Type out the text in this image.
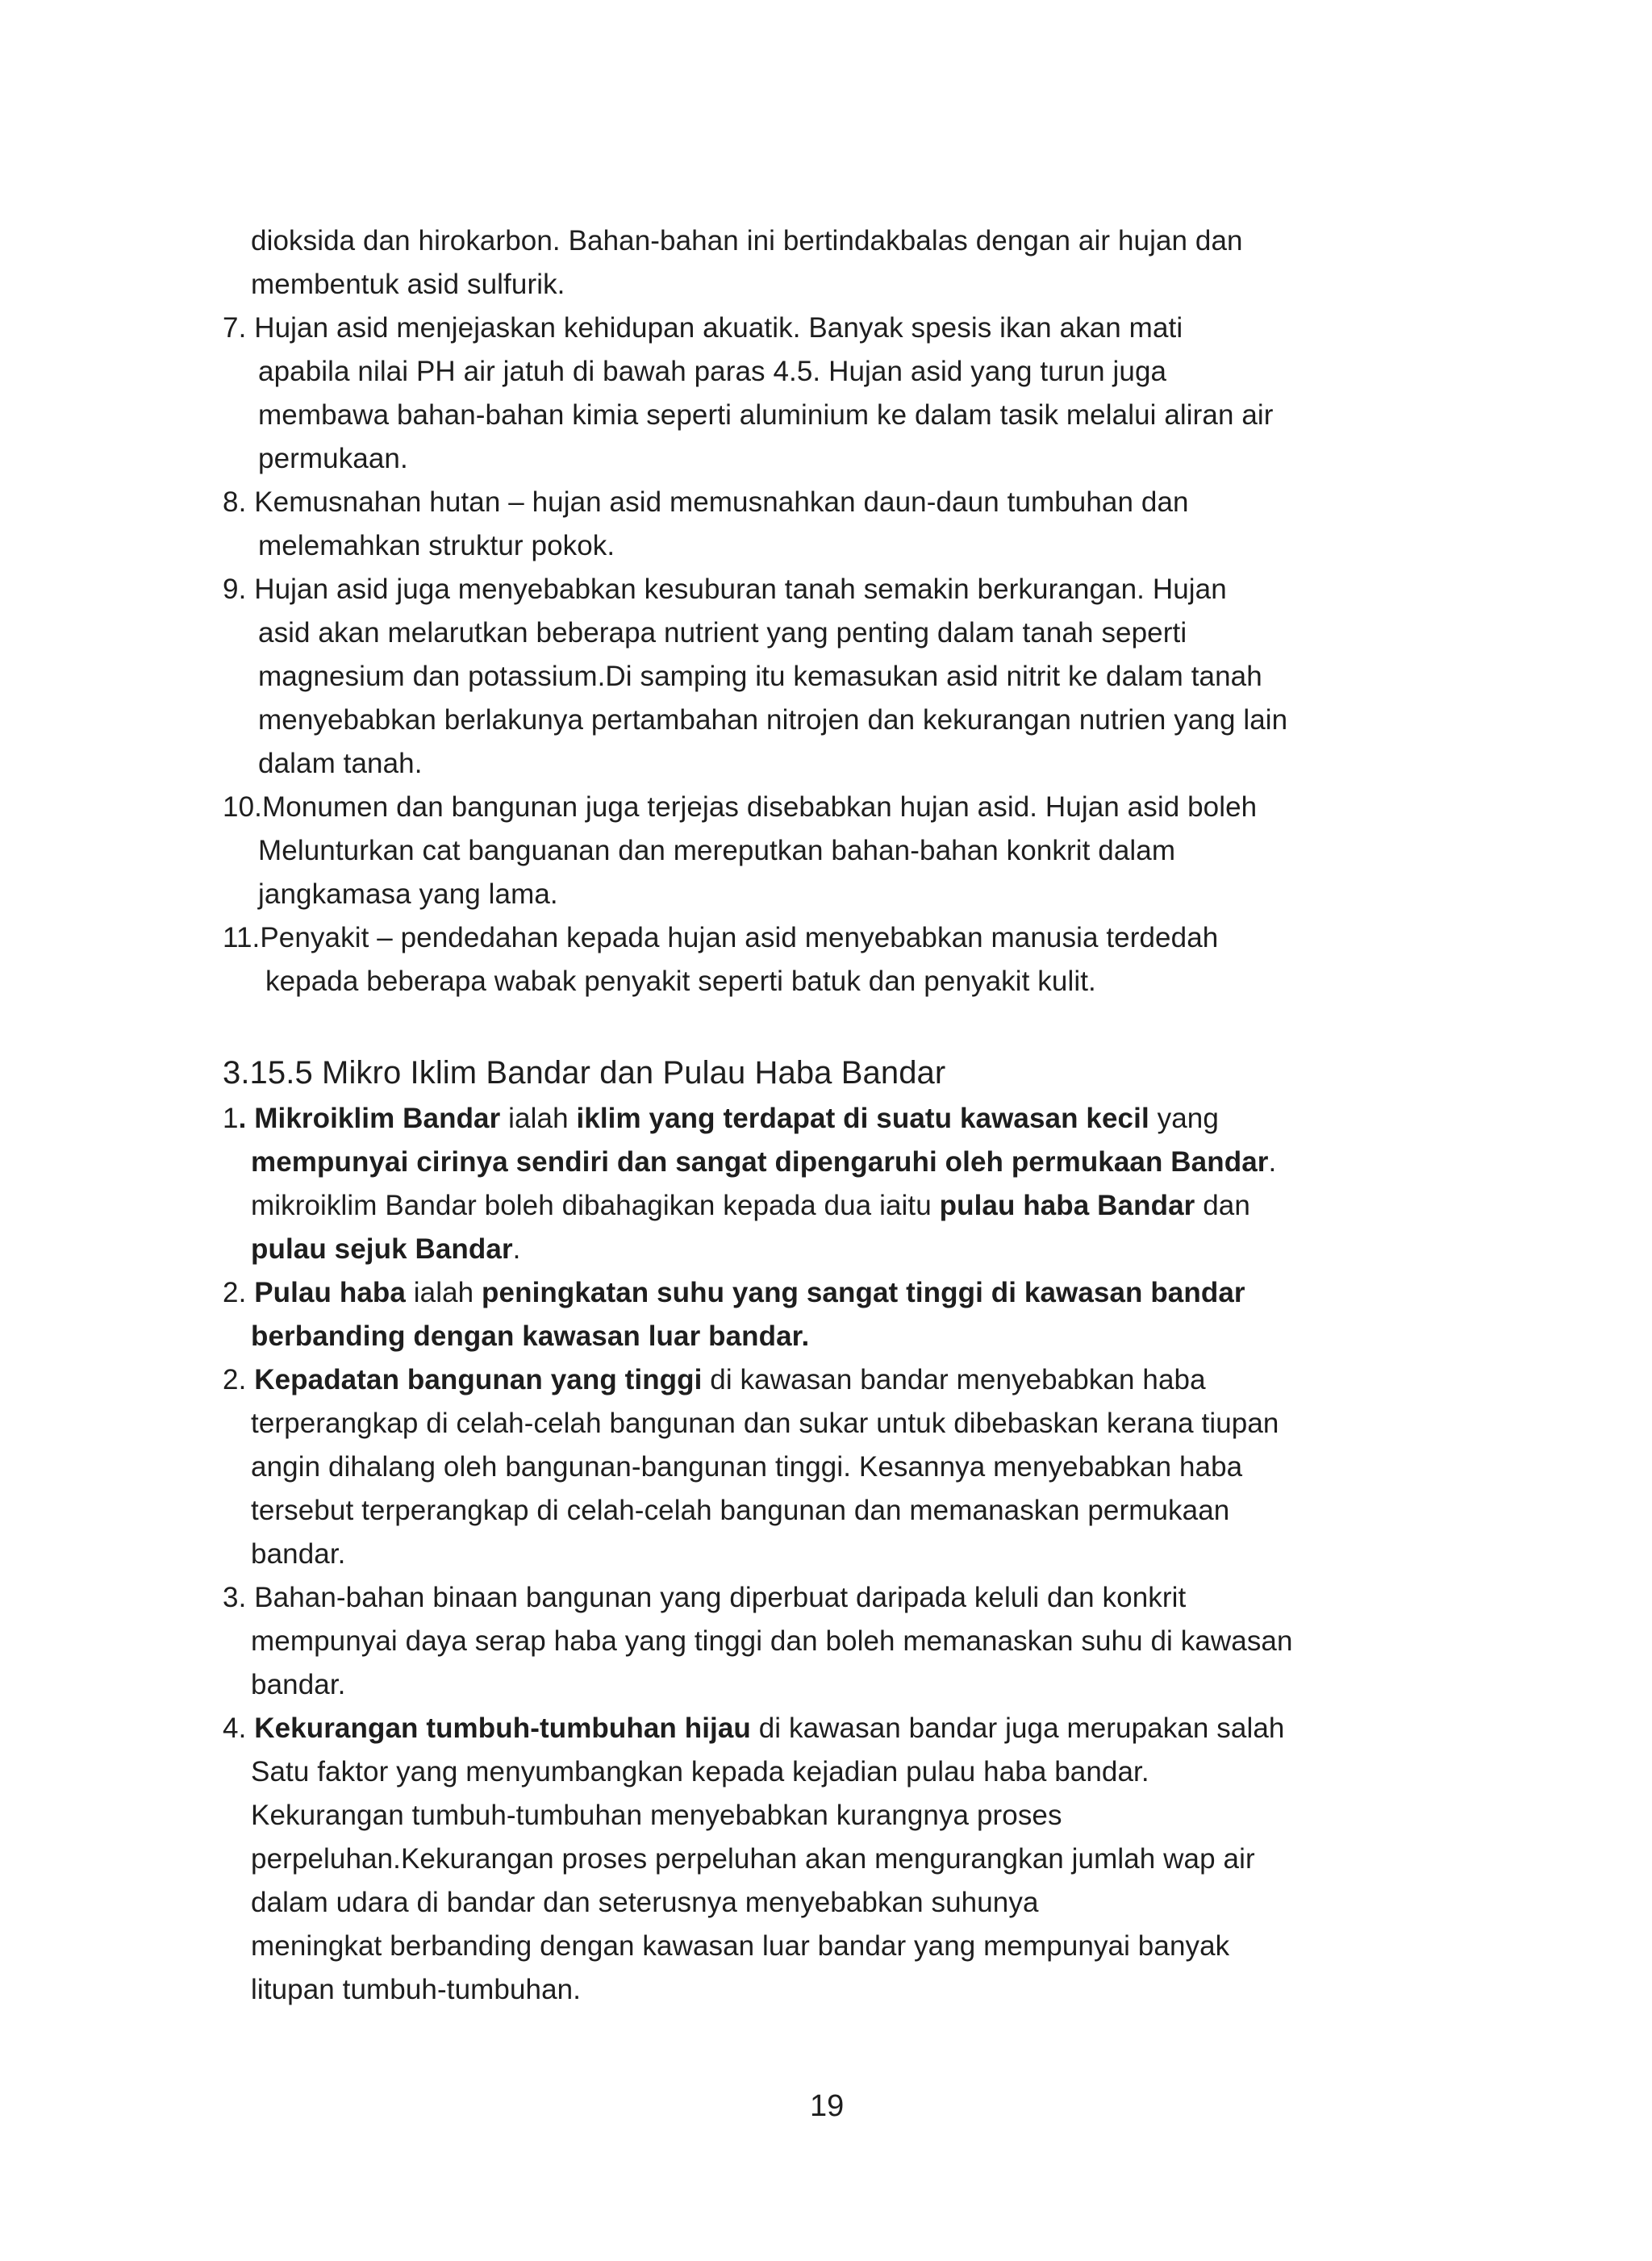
dioksida dan hirokarbon. Bahan-bahan ini bertindakbalas dengan air hujan dan
membentuk asid sulfurik.
7. Hujan asid menjejaskan kehidupan akuatik. Banyak spesis ikan akan mati
apabila nilai PH air jatuh di bawah paras 4.5. Hujan asid yang turun juga
membawa bahan-bahan kimia seperti aluminium ke dalam tasik melalui aliran air
permukaan.
8. Kemusnahan hutan – hujan asid memusnahkan daun-daun tumbuhan dan
melemahkan struktur pokok.
9. Hujan asid juga menyebabkan kesuburan tanah semakin berkurangan. Hujan
asid akan melarutkan beberapa nutrient yang penting dalam tanah seperti
magnesium dan potassium.Di samping itu kemasukan asid nitrit ke dalam tanah
menyebabkan berlakunya pertambahan nitrojen dan kekurangan nutrien yang lain
dalam tanah.
10.Monumen dan bangunan juga terjejas disebabkan hujan asid. Hujan asid boleh
Melunturkan cat banguanan dan mereputkan bahan-bahan konkrit dalam
jangkamasa yang lama.
11.Penyakit – pendedahan kepada hujan asid menyebabkan manusia terdedah
kepada beberapa wabak penyakit seperti batuk dan penyakit kulit.
3.15.5 Mikro Iklim Bandar dan Pulau Haba Bandar
1. Mikroiklim Bandar ialah iklim yang terdapat di suatu kawasan kecil yang
mempunyai cirinya sendiri dan sangat dipengaruhi oleh permukaan Bandar.
mikroiklim Bandar boleh dibahagikan kepada dua iaitu pulau haba Bandar dan
pulau sejuk Bandar.
2. Pulau haba ialah peningkatan suhu yang sangat tinggi di kawasan bandar
berbanding dengan kawasan luar bandar.
2. Kepadatan bangunan yang tinggi di kawasan bandar menyebabkan haba
terperangkap di celah-celah bangunan dan sukar untuk dibebaskan kerana tiupan
angin dihalang oleh bangunan-bangunan tinggi. Kesannya menyebabkan haba
tersebut terperangkap di celah-celah bangunan dan memanaskan permukaan
bandar.
3. Bahan-bahan binaan bangunan yang diperbuat daripada keluli dan konkrit
mempunyai daya serap haba yang tinggi dan boleh memanaskan suhu di kawasan
bandar.
4. Kekurangan tumbuh-tumbuhan hijau di kawasan bandar juga merupakan salah
Satu faktor yang menyumbangkan kepada kejadian pulau haba bandar.
Kekurangan tumbuh-tumbuhan menyebabkan kurangnya proses
perpeluhan.Kekurangan proses perpeluhan akan mengurangkan jumlah wap air
dalam udara di bandar dan seterusnya menyebabkan suhunya
meningkat berbanding dengan kawasan luar bandar yang mempunyai banyak
litupan tumbuh-tumbuhan.
19
